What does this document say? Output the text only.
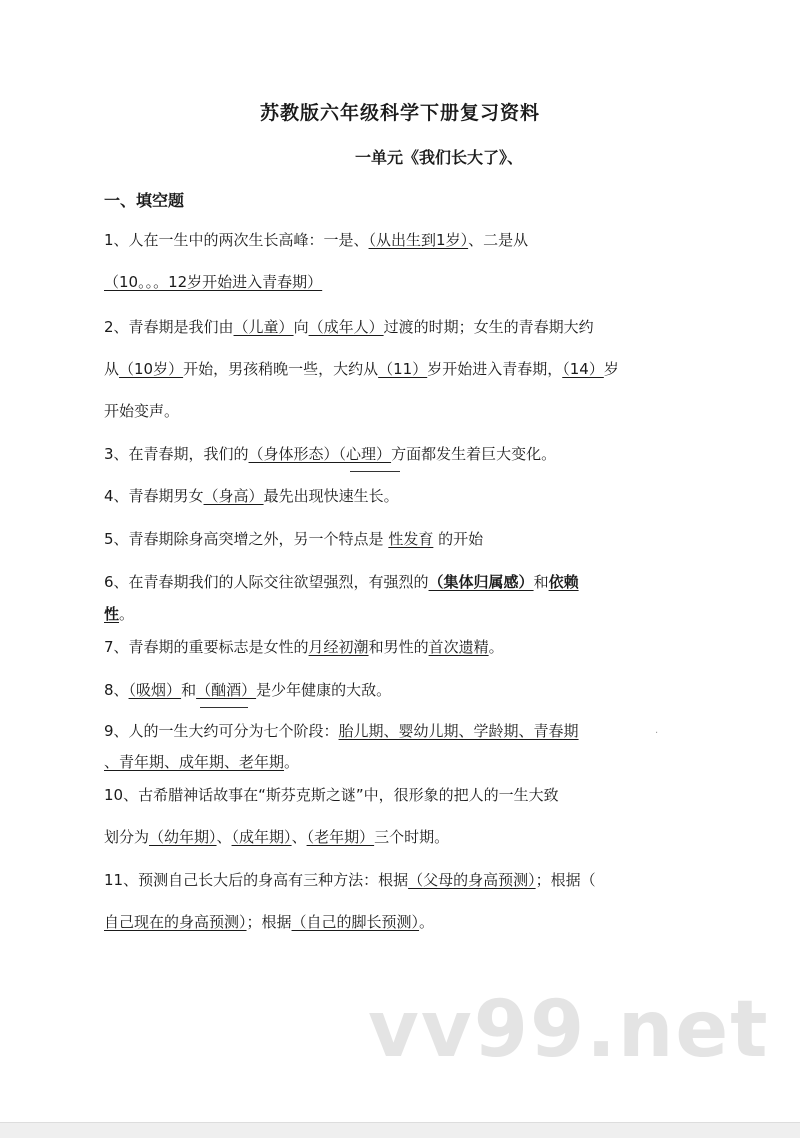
苏教版六年级科学下册复习资料
一单元《我们长大了》、
一、填空题
1、人在一生中的两次生长高峰：一是、（从出生到1岁）、二是从
（10。。。12岁开始进入青春期）
2、青春期是我们由（儿童）向（成年人）过渡的时期；女生的青春期大约
从（10岁）开始，男孩稍晚一些，大约从（11）岁开始进入青春期，（14）岁
开始变声。
3、在青春期，我们的（身体形态）（心理）方面都发生着巨大变化。
4、青春期男女（身高）最先出现快速生长。
5、青春期除身高突增之外，另一个特点是 性发育 的开始
6、在青春期我们的人际交往欲望强烈，有强烈的（集体归属感）和依赖
性。
7、青春期的重要标志是女性的月经初潮和男性的首次遗精。
8、（吸烟）和（酗酒）是少年健康的大敌。
9、人的一生大约可分为七个阶段：胎儿期、婴幼儿期、学龄期、青春期	·
、青年期、成年期、老年期。
10、古希腊神话故事在“斯芬克斯之谜”中，很形象的把人的一生大致
划分为（幼年期）、（成年期）、（老年期）三个时期。
11、预测自己长大后的身高有三种方法：根据（父母的身高预测）；根据（
自己现在的身高预测）；根据（自己的脚长预测）。
vv99.net
